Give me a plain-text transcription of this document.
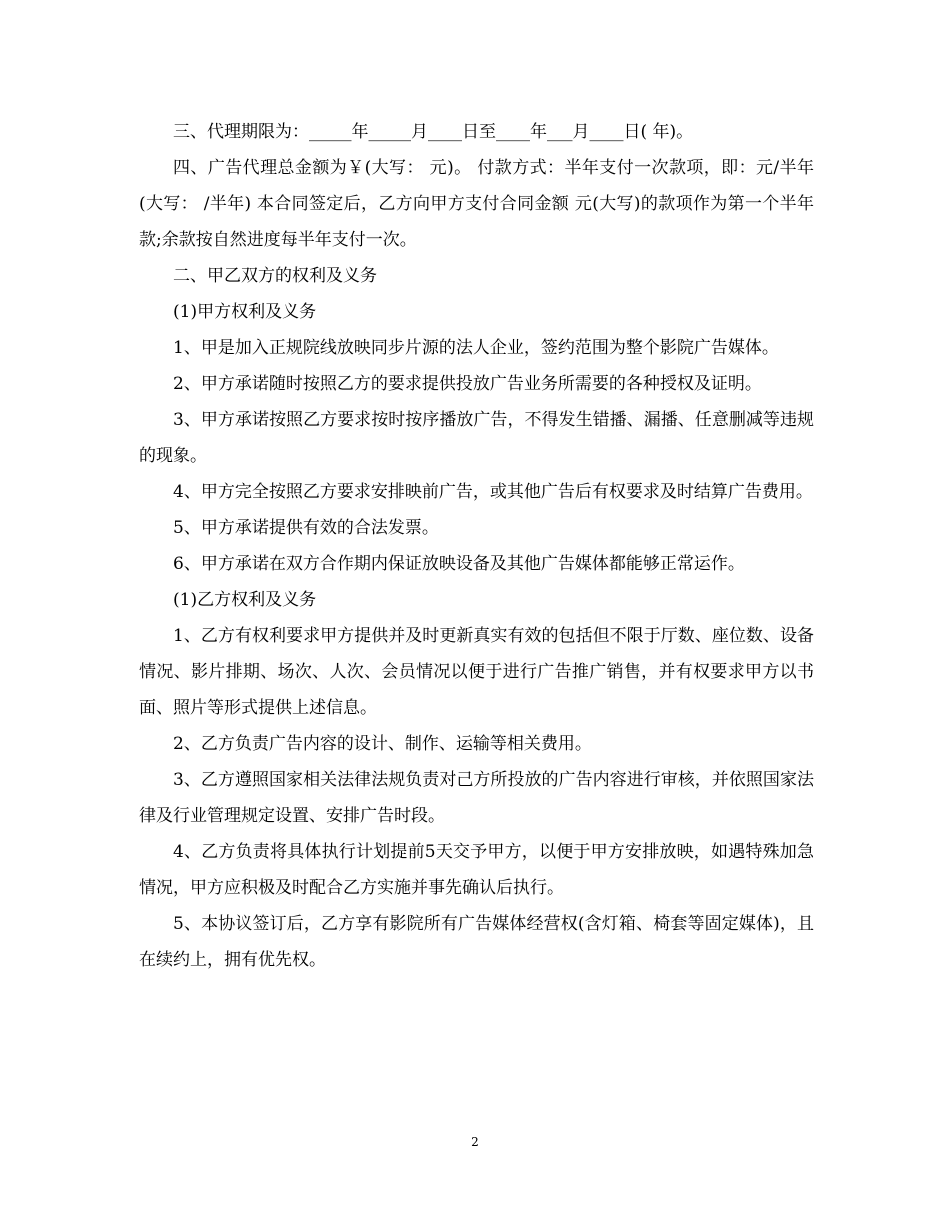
三、代理期限为：_____年_____月____日至____年___月____日( 年)。

四、广告代理总金额为￥(大写： 元)。 付款方式：半年支付一次款项，即：元/半年(大写： /半年) 本合同签定后，乙方向甲方支付合同金额 元(大写)的款项作为第一个半年款;余款按自然进度每半年支付一次。

二、甲乙双方的权利及义务

(1)甲方权利及义务

1、甲是加入正规院线放映同步片源的法人企业，签约范围为整个影院广告媒体。

2、甲方承诺随时按照乙方的要求提供投放广告业务所需要的各种授权及证明。

3、甲方承诺按照乙方要求按时按序播放广告，不得发生错播、漏播、任意删减等违规的现象。

4、甲方完全按照乙方要求安排映前广告，或其他广告后有权要求及时结算广告费用。

5、甲方承诺提供有效的合法发票。

6、甲方承诺在双方合作期内保证放映设备及其他广告媒体都能够正常运作。

(1)乙方权利及义务

1、乙方有权利要求甲方提供并及时更新真实有效的包括但不限于厅数、座位数、设备情况、影片排期、场次、人次、会员情况以便于进行广告推广销售，并有权要求甲方以书面、照片等形式提供上述信息。

2、乙方负责广告内容的设计、制作、运输等相关费用。

3、乙方遵照国家相关法律法规负责对己方所投放的广告内容进行审核，并依照国家法律及行业管理规定设置、安排广告时段。

4、乙方负责将具体执行计划提前5天交予甲方，以便于甲方安排放映，如遇特殊加急情况，甲方应积极及时配合乙方实施并事先确认后执行。

5、本协议签订后，乙方享有影院所有广告媒体经营权(含灯箱、椅套等固定媒体)，且在续约上，拥有优先权。

2
